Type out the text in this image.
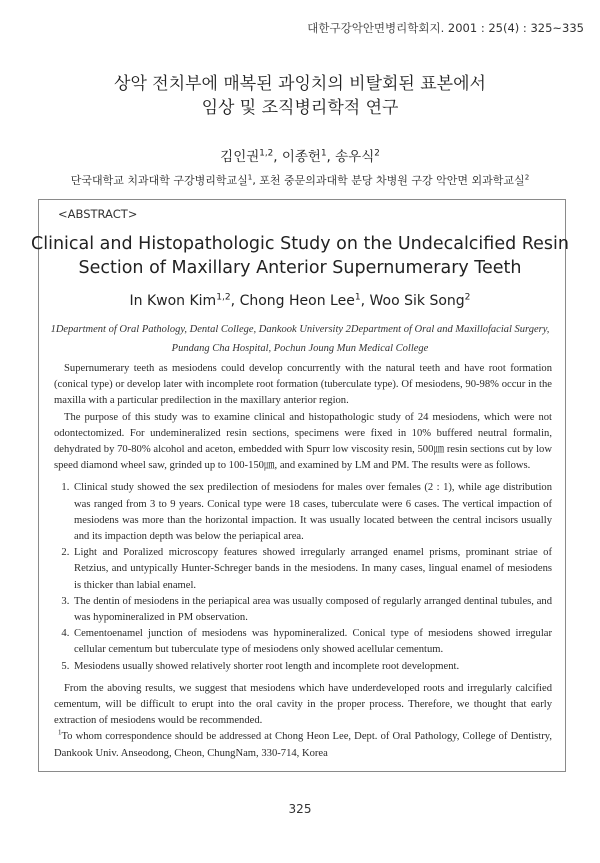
대한구강악안면병리학회지. 2001 : 25(4) : 325~335
상악 전치부에 매복된 과잉치의 비탈회된 표본에서
임상 및 조직병리학적 연구
김인권$^{1,2}$, 이종헌$^1$, 송우식$^2$
단국대학교 치과대학 구강병리학교실$^1$, 포천 중문의과대학 분당 차병원 구강 악안면 외과학교실$^2$
<ABSTRACT>
Clinical and Histopathologic Study on the Undecalcified Resin
Section of Maxillary Anterior Supernumerary Teeth
In Kwon Kim$^{1,2}$, Chong Heon Lee$^1$, Woo Sik Song$^2$
1Department of Oral Pathology, Dental College, Dankook University 2Department of Oral and Maxillofacial Surgery,
Pundang Cha Hospital, Pochun Joung Mun Medical College

Supernumerary teeth as mesiodens could develop concurrently with the natural teeth and have root formation (conical type) or develop later with incomplete root formation (tuberculate type). Of mesiodens, 90-98% occur in the maxilla with a particular predilection in the maxillary anterior region.

The purpose of this study was to examine clinical and histopathologic study of 24 mesiodens, which were not odontectomized. For undemineralized resin sections, specimens were fixed in 10% buffered neutral formalin, dehydrated by 70-80% alcohol and aceton, embedded with Spurr low viscosity resin, 500㎛ resin sections cut by low speed diamond wheel saw, grinded up to 100-150㎛, and examined by LM and PM. The results were as follows.

1. Clinical study showed the sex predilection of mesiodens for males over females (2 : 1), while age distribution was ranged from 3 to 9 years. Conical type were 18 cases, tuberculate were 6 cases. The vertical impaction of mesiodens was more than the horizontal impaction. It was usually located between the central incisors usually and its impaction depth was below the periapical area.
2. Light and Poralized microscopy features showed irregularly arranged enamel prisms, prominant striae of Retzius, and untypically Hunter-Schreger bands in the mesiodens. In many cases, lingual enamel of mesiodens is thicker than labial enamel.
3. The dentin of mesiodens in the periapical area was usually composed of regularly arranged dentinal tubules, and was hypomineralized in PM observation.
4. Cementoenamel junction of mesiodens was hypomineralized. Conical type of mesiodens showed irregular cellular cementum but tuberculate type of mesiodens only showed acellular cementum.
5. Mesiodens usually showed relatively shorter root length and incomplete root development.

From the aboving results, we suggest that mesiodens which have underdeveloped roots and irregularly calcified cementum, will be difficult to erupt into the oral cavity in the proper process. Therefore, we thought that early extraction of mesiodens would be recommended.

$^1$To whom correspondence should be addressed at Chong Heon Lee, Dept. of Oral Pathology, College of Dentistry, Dankook Univ. Anseodong, Cheon, ChungNam, 330-714, Korea

325
